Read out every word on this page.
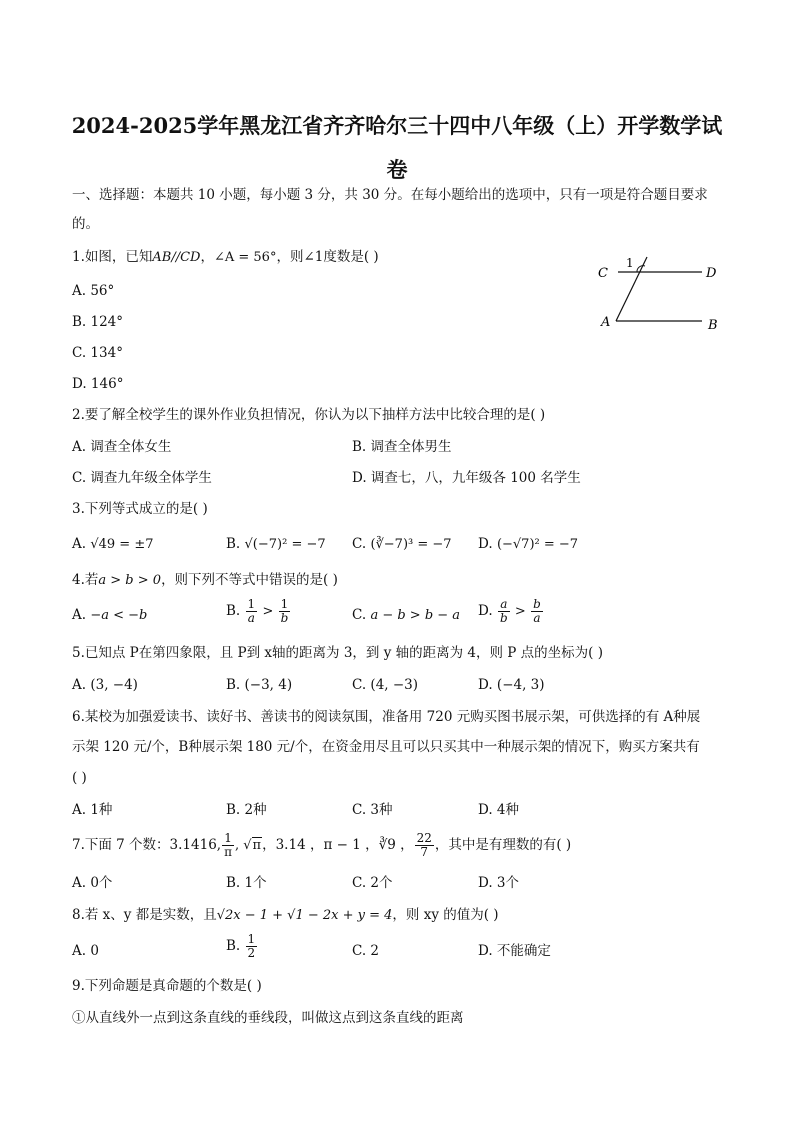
2024-2025学年黑龙江省齐齐哈尔三十四中八年级（上）开学数学试
卷
一、选择题：本题共 10 小题，每小题 3 分，共 30 分。在每小题给出的选项中，只有一项是符合题目要求
的。
1.如图，已知AB//CD，∠A = 56°，则∠1度数是( )
A. 56°
B. 124°
C. 134°
D. 146°
C	D
A	B
1
2.要了解全校学生的课外作业负担情况，你认为以下抽样方法中比较合理的是( )
A. 调查全体女生	B. 调查全体男生
C. 调查九年级全体学生	D. 调查七，八，九年级各 100 名学生
3.下列等式成立的是( )
A. √49 = ±7	B. √(−7)² = −7 C. (∛−7)³ = −7 D. (−√7)² = −7
4.若a > b > 0，则下列不等式中错误的是( )
A. −a < −b	B. $\frac{1}{a} > \frac{1}{b}$	C. a − b > b − a D. $\frac{a}{b} > \frac{b}{a}$
5.已知点 P在第四象限，且 P到 x轴的距离为 3，到 y 轴的距离为 4，则 P 点的坐标为( )
A. (3, −4)	B. (−3, 4)	C. (4, −3)	D. (−4, 3)
6.某校为加强爱读书、读好书、善读书的阅读氛围，准备用 720 元购买图书展示架，可供选择的有 A种展
示架 120 元/个，B种展示架 180 元/个，在资金用尽且可以只买其中一种展示架的情况下，购买方案共有
( )
A. 1种	B. 2种	C. 3种	D. 4种
7.下面 7 个数：3.1416, $\frac{1}{\pi}$ , √π，3.14 ，π − 1 ，∛9 ， $\frac{22}{7}$ ，其中是有理数的有( )
A. 0个	B. 1个	C. 2个	D. 3个
8.若 x、y 都是实数，且√2x − 1 + √1 − 2x + y = 4，则 xy 的值为( )
A. 0	B. $\frac{1}{2}$	C. 2	D. 不能确定
9.下列命题是真命题的个数是( )
①从直线外一点到这条直线的垂线段，叫做这点到这条直线的距离
